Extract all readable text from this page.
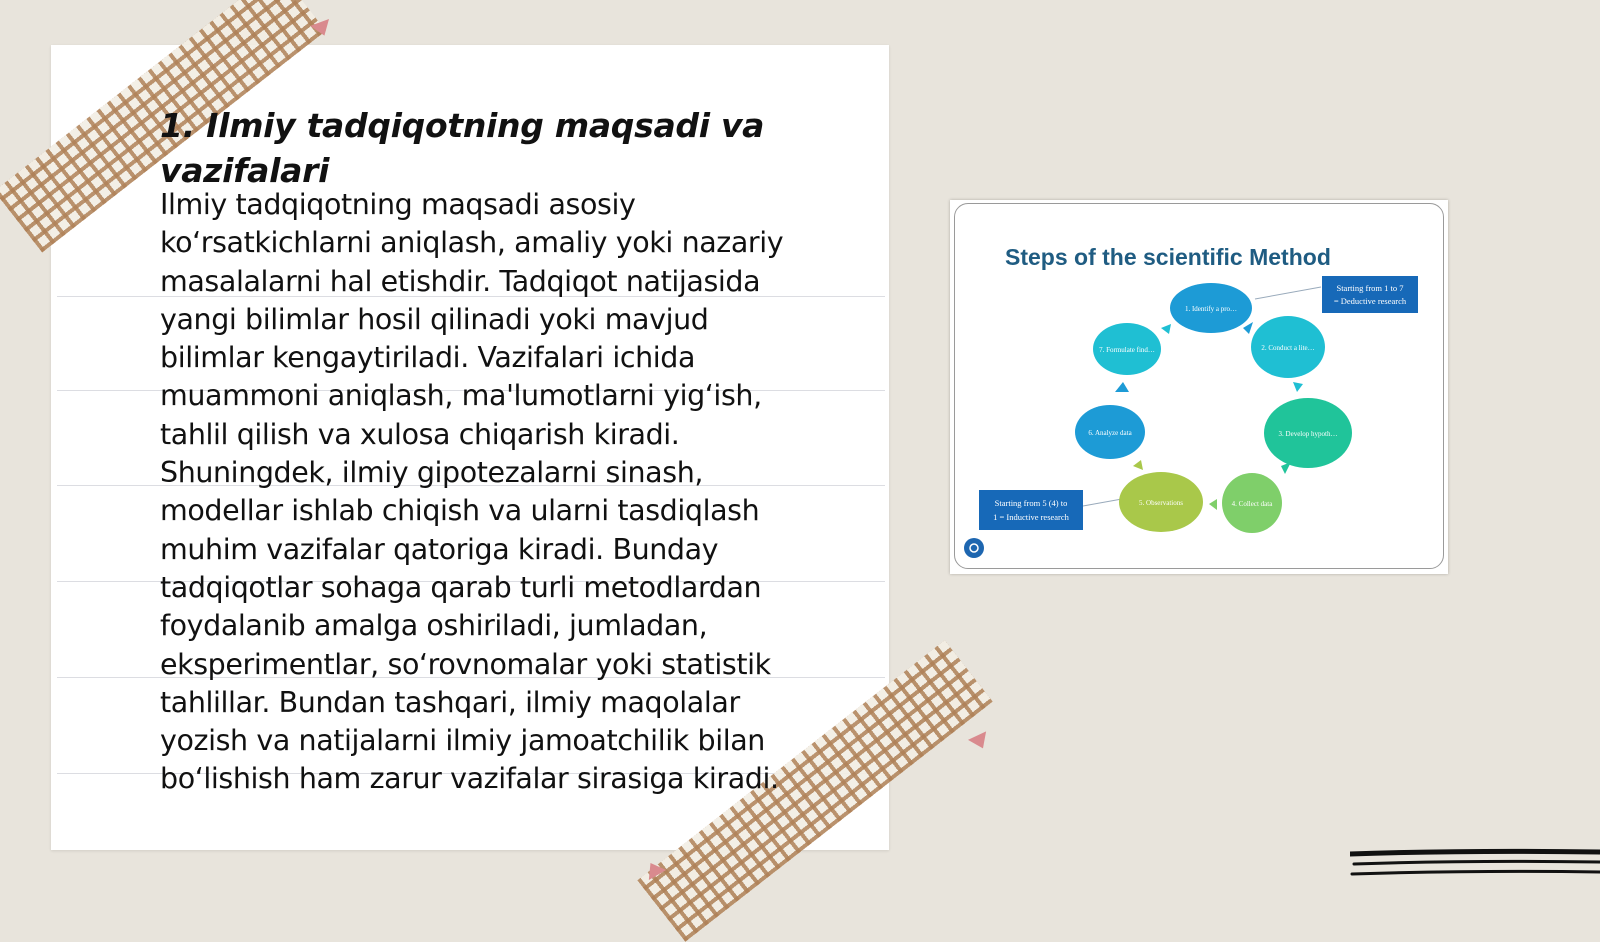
1. Ilmiy tadqiqotning maqsadi va vazifalari
Ilmiy tadqiqotning maqsadi asosiy
ko‘rsatkichlarni aniqlash, amaliy yoki nazariy
masalalarni hal etishdir. Tadqiqot natijasida
yangi bilimlar hosil qilinadi yoki mavjud
bilimlar kengaytiriladi. Vazifalari ichida
muammoni aniqlash, ma'lumotlarni yig‘ish,
tahlil qilish va xulosa chiqarish kiradi.
Shuningdek, ilmiy gipotezalarni sinash,
modellar ishlab chiqish va ularni tasdiqlash
muhim vazifalar qatoriga kiradi. Bunday
tadqiqotlar sohaga qarab turli metodlardan
foydalanib amalga oshiriladi, jumladan,
eksperimentlar, so‘rovnomalar yoki statistik
tahlillar. Bundan tashqari, ilmiy maqolalar
yozish va natijalarni ilmiy jamoatchilik bilan
bo‘lishish ham zarur vazifalar sirasiga kiradi.
1. Identify a pro…
2. Conduct a lite…
3. Develop hypoth…
4. Collect data
5. Observations
6. Analyze data
7. Formulate find…
Starting from 1 to 7
= Deductive research
Starting from 5 (4) to
1 = Inductive research
Steps of the scientific Method
